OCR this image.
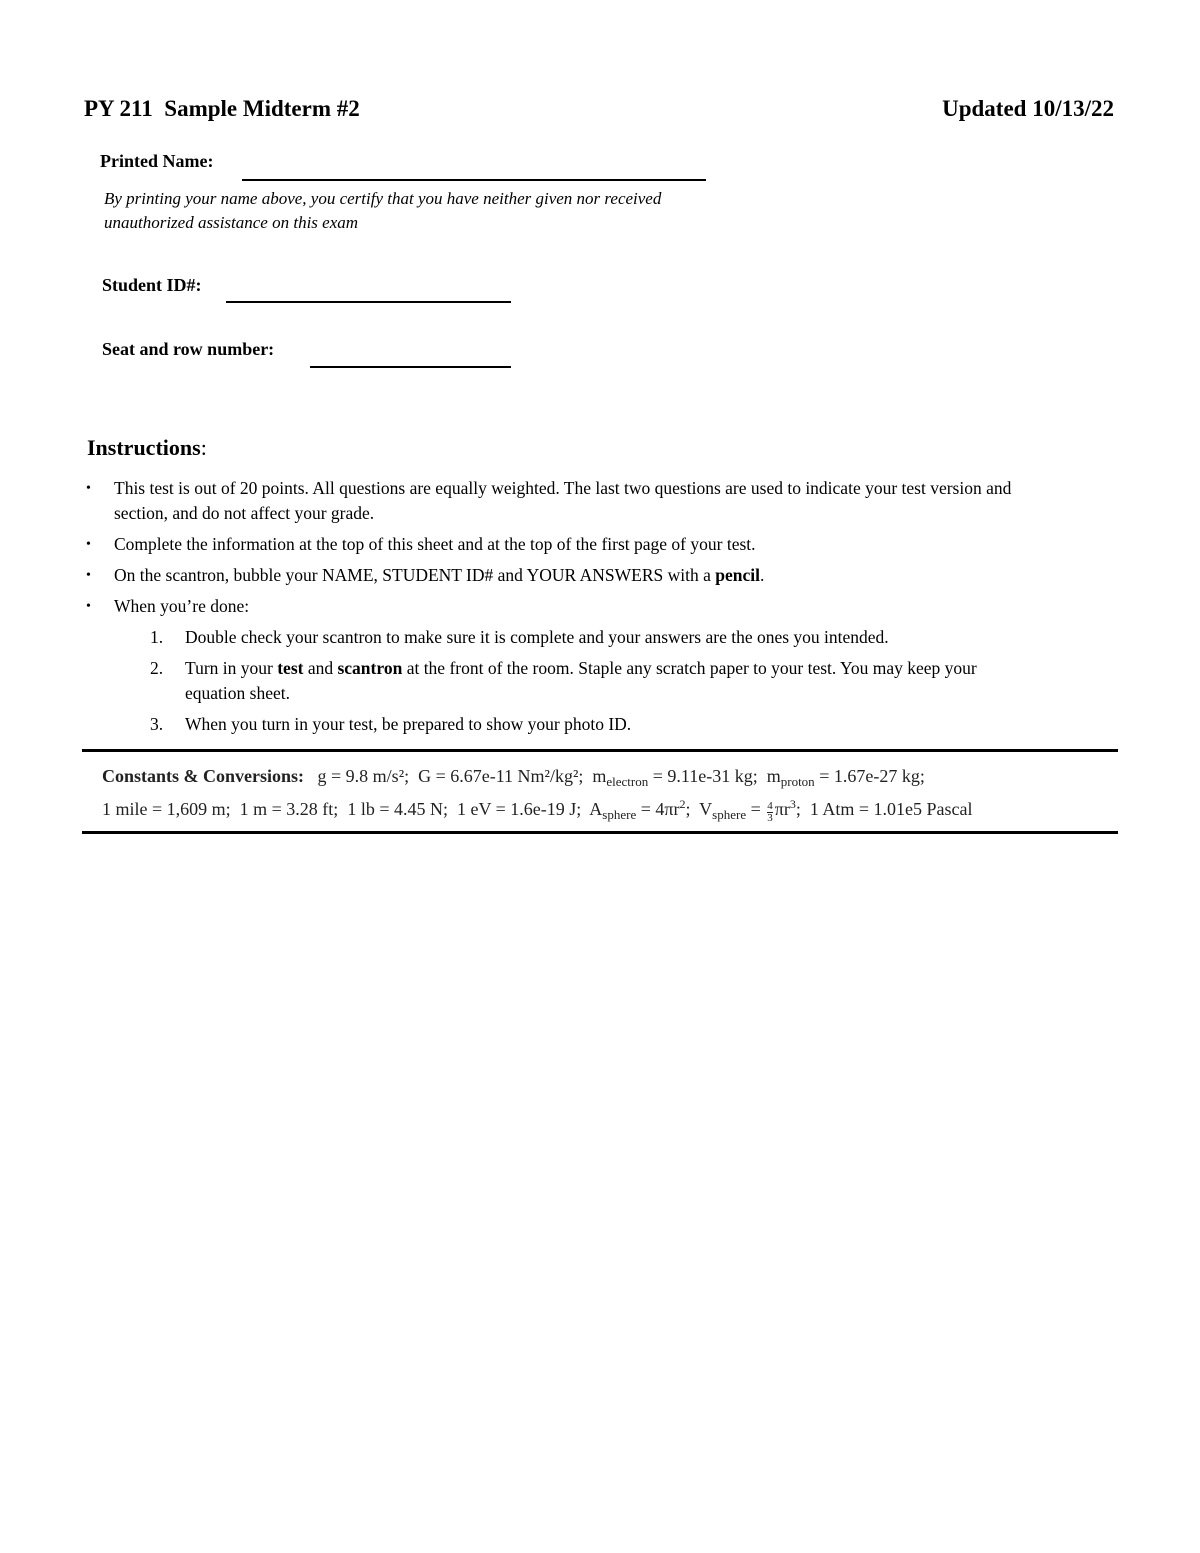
PY 211  Sample Midterm #2	Updated 10/13/22
Printed Name:
By printing your name above, you certify that you have neither given nor received unauthorized assistance on this exam
Student ID#:
Seat and row number:
Instructions:
• This test is out of 20 points. All questions are equally weighted. The last two questions are used to indicate your test version and section, and do not affect your grade.
• Complete the information at the top of this sheet and at the top of the first page of your test.
• On the scantron, bubble your NAME, STUDENT ID# and YOUR ANSWERS with a pencil.
• When you’re done:
1. Double check your scantron to make sure it is complete and your answers are the ones you intended.
2. Turn in your test and scantron at the front of the room. Staple any scratch paper to your test. You may keep your equation sheet.
3. When you turn in your test, be prepared to show your photo ID.
Constants & Conversions: g = 9.8 m/s²; G = 6.67e-11 Nm²/kg²; $m_{electron} = 9.11e-31$ kg; $m_{proton} = 1.67e-27$ kg;
1 mile = 1,609 m; 1 m = 3.28 ft; 1 lb = 4.45 N; 1 eV = 1.6e-19 J; $A_{sphere} = 4\pi r^2$; $V_{sphere} = \frac{4}{3} \pi r^3$; 1 Atm = 1.01e5 Pascal
